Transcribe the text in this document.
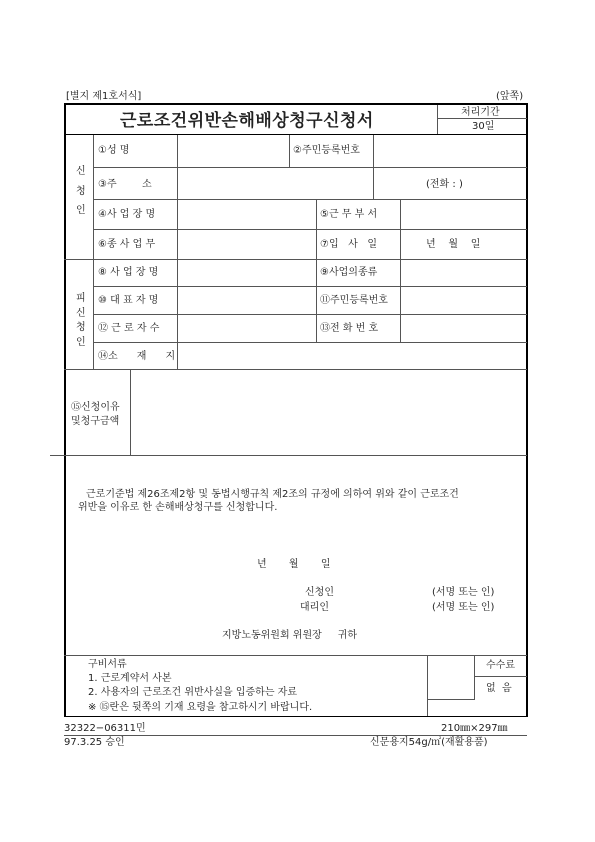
[별지 제1호서식]	(앞쪽)
근로조건위반손해배상청구신청서	처리기간
30일
신
청
인
①성 명	②주민등록번호
③주        소	(전화 : )
④사 업 장 명	⑤근 무 부 서
⑥종 사 업 무	⑦입   사   일	년    월    일
피
신
청
인
⑧ 사 업 장 명	⑨사업의종류
⑩ 대 표 자 명	⑪주민등록번호
⑫ 근 로 자 수	⑬전 화 번 호
⑭소      재      지
⑮신청이유
및청구금액
근로기준법 제26조제2항 및 동법시행규칙 제2조의 규정에 의하여 위와 같이 근로조건
위반을 이유로 한 손해배상청구를 신청합니다.
년       월       일
신청인	(서명 또는 인)
대리인	(서명 또는 인)
지방노동위원회 위원장     귀하
구비서류
1. 근로계약서 사본
2. 사용자의 근로조건 위반사실을 입증하는 자료
※ ⑮란은 뒷쪽의 기재 요령을 참고하시기 바랍니다.
수수료
없  음
32322−06311민
97.3.25 승인
210㎜×297㎜
신문용지54g/㎡(재활용품)
